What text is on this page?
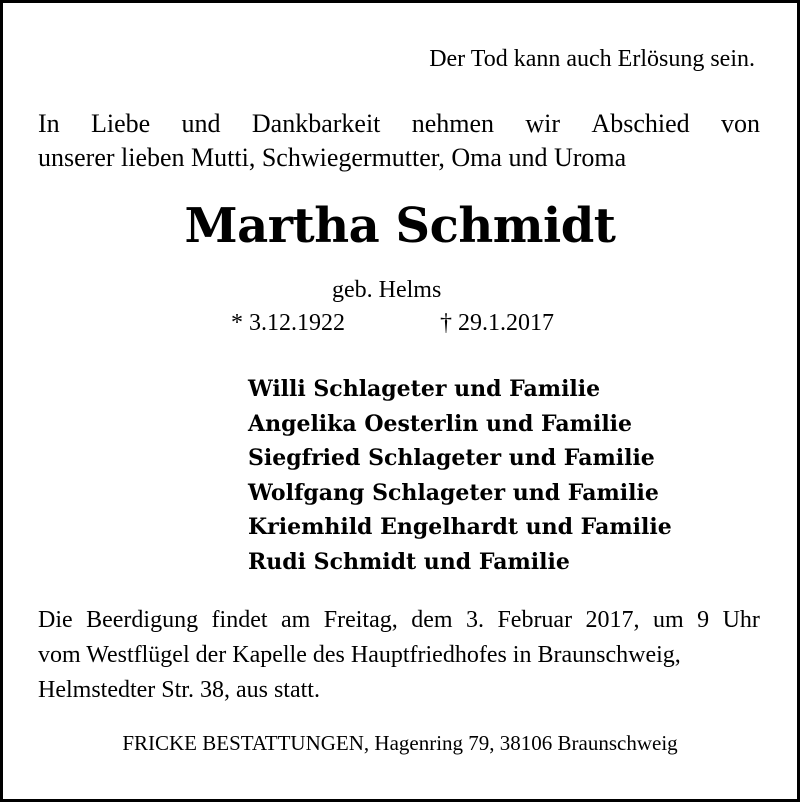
Der Tod kann auch Erlösung sein.
In Liebe und Dankbarkeit nehmen wir Abschied von
unserer lieben Mutti, Schwiegermutter, Oma und Uroma
Martha Schmidt
geb. Helms
* 3.12.1922	† 29.1.2017
Willi Schlageter und Familie
Angelika Oesterlin und Familie
Siegfried Schlageter und Familie
Wolfgang Schlageter und Familie
Kriemhild Engelhardt und Familie
Rudi Schmidt und Familie
Die Beerdigung findet am Freitag, dem 3. Februar 2017, um 9 Uhr
vom Westflügel der Kapelle des Hauptfriedhofes in Braunschweig,
Helmstedter Str. 38, aus statt.
FRICKE BESTATTUNGEN, Hagenring 79, 38106 Braunschweig
